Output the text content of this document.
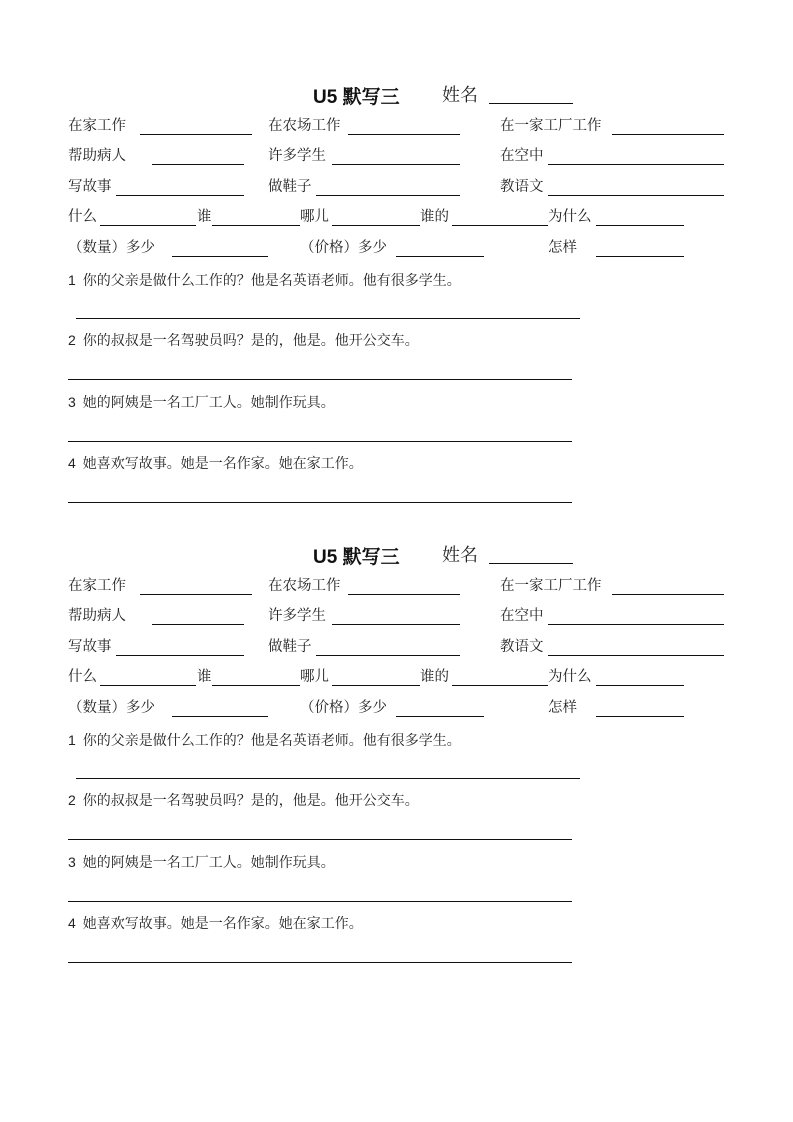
U5 默写三 姓名
在家工作	在农场工作	在一家工厂工作
帮助病人	许多学生	在空中
写故事	做鞋子	教语文
什么	谁	哪儿	谁的	为什么
（数量）多少	（价格）多少	怎样
1 你的父亲是做什么工作的？他是名英语老师。他有很多学生。
2 你的叔叔是一名驾驶员吗？是的，他是。他开公交车。
3 她的阿姨是一名工厂工人。她制作玩具。
4 她喜欢写故事。她是一名作家。她在家工作。
U5 默写三 姓名
在家工作	在农场工作	在一家工厂工作
帮助病人	许多学生	在空中
写故事	做鞋子	教语文
什么	谁	哪儿	谁的	为什么
（数量）多少	（价格）多少	怎样
1 你的父亲是做什么工作的？他是名英语老师。他有很多学生。
2 你的叔叔是一名驾驶员吗？是的，他是。他开公交车。
3 她的阿姨是一名工厂工人。她制作玩具。
4 她喜欢写故事。她是一名作家。她在家工作。
